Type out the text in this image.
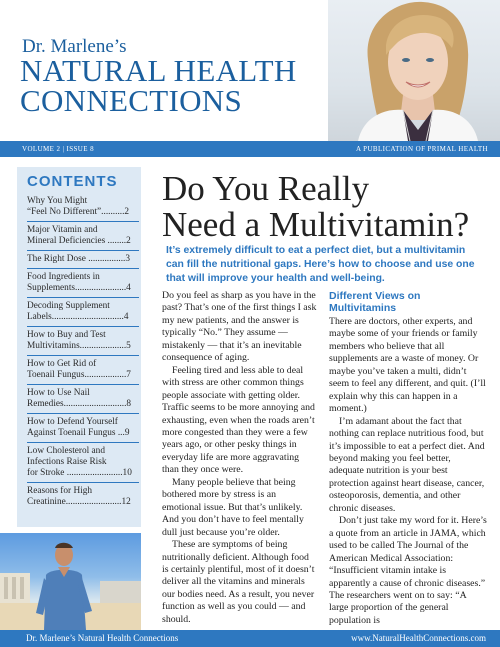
Dr. Marlene’s
NATURAL HEALTH
CONNECTIONS
VOLUME 2 | ISSUE 8	A PUBLICATION OF PRIMAL HEALTH
CONTENTS
Why You Might
“Feel No Different”..........2
Major Vitamin and
Mineral Deficiencies ........2
The Right Dose ................3
Food Ingredients in
Supplements......................4
Decoding Supplement
Labels...............................4
How to Buy and Test
Multivitamins....................5
How to Get Rid of
Toenail Fungus..................7
How to Use Nail
Remedies...........................8
How to Defend Yourself
Against Toenail Fungus ...9
Low Cholesterol and
Infections Raise Risk
for Stroke ........................10
Reasons for High
Creatinine........................12
Do You Really
Need a Multivitamin?
It’s extremely difficult to eat a perfect diet, but a multivitamin can fill the nutritional gaps. Here’s how to choose and use one that will improve your health and well-being.

Do you feel as sharp as you have in the past? That’s one of the first things I ask my new patients, and the answer is typically “No.” They assume — mistakenly — that it’s an inevitable consequence of aging.

Feeling tired and less able to deal with stress are other common things people associate with getting older. Traffic seems to be more annoying and exhausting, even when the roads aren’t more congested than they were a few years ago, or other pesky things in everyday life are more aggravating than they once were.

Many people believe that being bothered more by stress is an emotional issue. But that’s unlikely. And you don’t have to feel mentally dull just because you’re older.

These are symptoms of being nutritionally deficient. Although food is certainly plentiful, most of it doesn’t deliver all the vitamins and minerals our bodies need. As a result, you never function as well as you could — and should.

Different Views on Multivitamins

There are doctors, other experts, and maybe some of your friends or family members who believe that all supplements are a waste of money. Or maybe you’ve taken a multi, didn’t seem to feel any different, and quit. (I’ll explain why this can happen in a moment.)

I’m adamant about the fact that nothing can replace nutritious food, but it’s impossible to eat a perfect diet. And beyond making you feel better, adequate nutrition is your best protection against heart disease, cancer, osteoporosis, dementia, and other chronic diseases.

Don’t just take my word for it. Here’s a quote from an article in JAMA, which used to be called The Journal of the American Medical Association: “Insufficient vitamin intake is apparently a cause of chronic diseases.” The researchers went on to say: “A large proportion of the general population is

Dr. Marlene’s Natural Health Connections	www.NaturalHealthConnections.com
